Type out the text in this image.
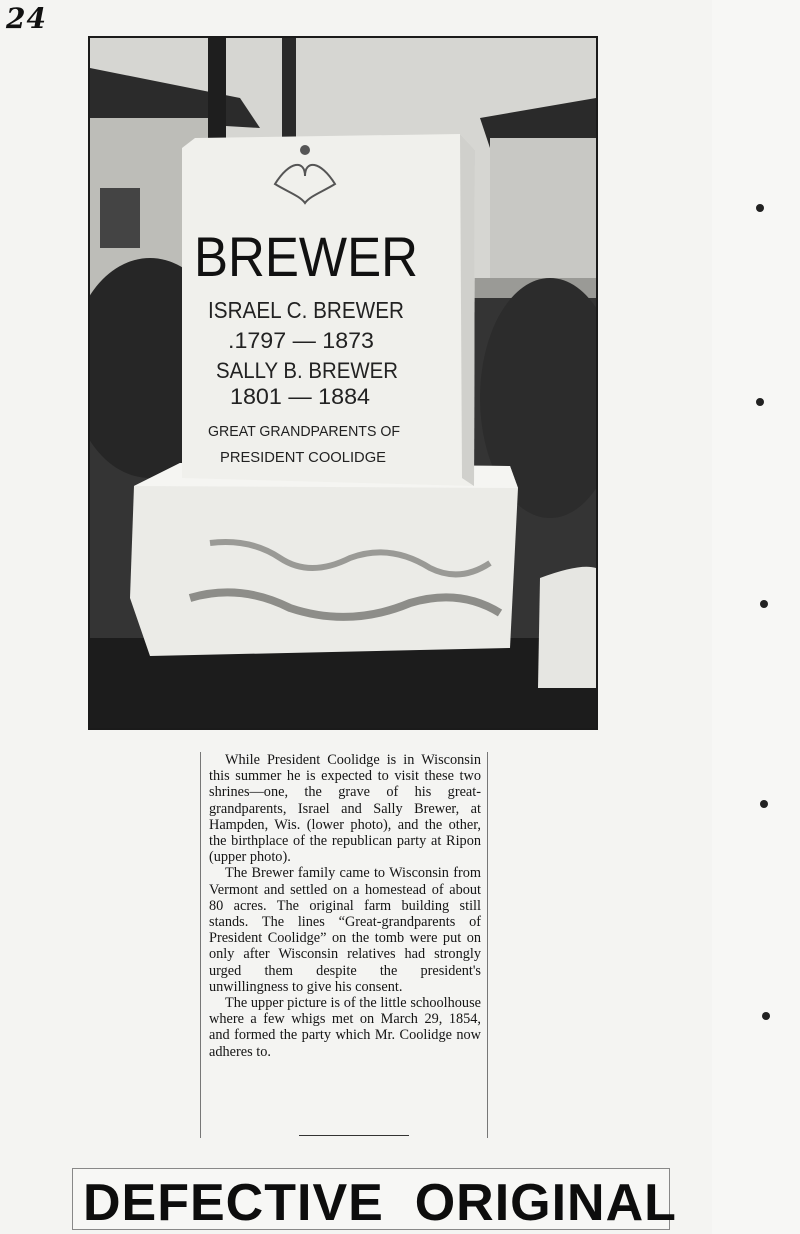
24
BREWER
ISRAEL C. BREWER
.1797 — 1873
SALLY B. BREWER
1801 — 1884
GREAT GRANDPARENTS OF
PRESIDENT COOLIDGE

While President Coolidge is in Wisconsin this summer he is expected to visit these two shrines—one, the grave of his great-grandparents, Israel and Sally Brewer, at Hampden, Wis. (lower photo), and the other, the birthplace of the republican party at Ripon (upper photo).

The Brewer family came to Wisconsin from Vermont and settled on a homestead of about 80 acres. The original farm building still stands. The lines “Great-grandparents of President Coolidge” on the tomb were put on only after Wisconsin relatives had strongly urged them despite the president's unwillingness to give his consent.

The upper picture is of the little schoolhouse where a few whigs met on March 29, 1854, and formed the party which Mr. Coolidge now adheres to.

DEFECTIVE  ORIGINAL
